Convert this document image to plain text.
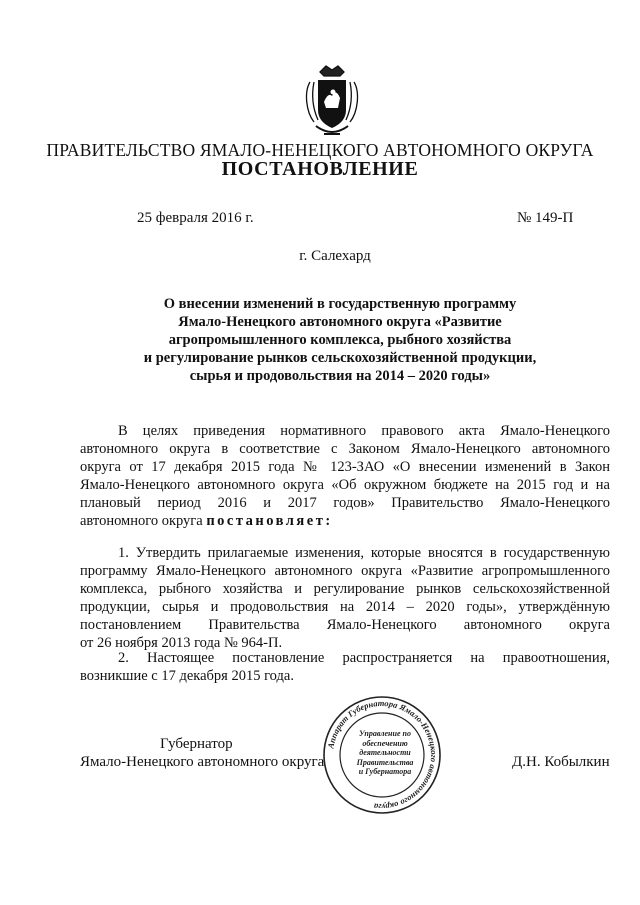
ПРАВИТЕЛЬСТВО ЯМАЛО-НЕНЕЦКОГО АВТОНОМНОГО ОКРУГА
ПОСТАНОВЛЕНИЕ
25 февраля 2016 г.	№ 149-П
г. Салехард
О внесении изменений в государственную программу
Ямало-Ненецкого автономного округа «Развитие
агропромышленного комплекса, рыбного хозяйства
и регулирование рынков сельскохозяйственной продукции,
сырья и продовольствия на 2014 – 2020 годы»
В целях приведения нормативного правового акта Ямало-Ненецкого
автономного округа в соответствие с Законом Ямало-Ненецкого автономного
округа от 17 декабря 2015 года № 123-ЗАО «О внесении изменений в Закон
Ямало-Ненецкого автономного округа «Об окружном бюджете на 2015 год и на
плановый период 2016 и 2017 годов» Правительство Ямало-Ненецкого
автономного округа постановляет:
1. Утвердить прилагаемые изменения, которые вносятся в государственную
программу Ямало-Ненецкого автономного округа «Развитие агропромышленного
комплекса, рыбного хозяйства и регулирование рынков сельскохозяйственной
продукции, сырья и продовольствия на 2014 – 2020 годы», утверждённую
постановлением Правительства Ямало-Ненецкого автономного округа
от 26 ноября 2013 года № 964-П.
2. Настоящее постановление распространяется на правоотношения,
возникшие с 17 декабря 2015 года.
Аппарат Губернатора Ямало-Ненецкого автономного округа
Управление по
обеспечению
деятельности
Правительства
и Губернатора
Губернатор
Ямало-Ненецкого автономного округа	Д.Н. Кобылкин
